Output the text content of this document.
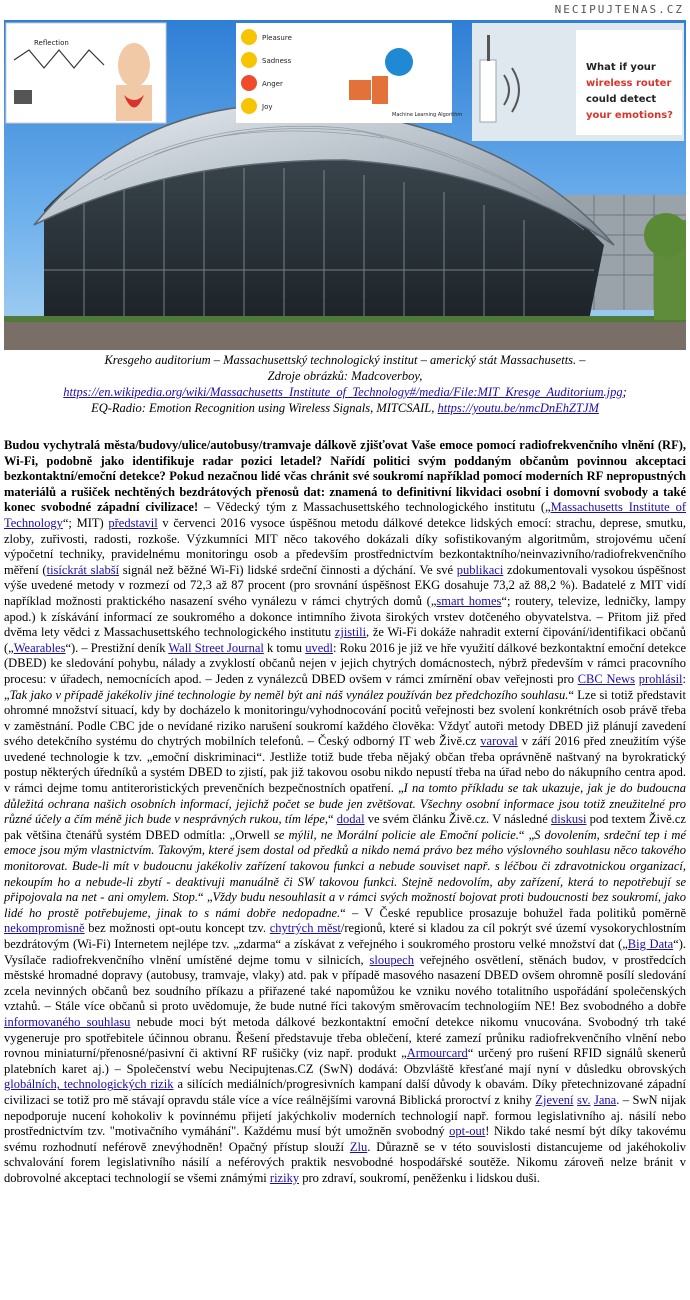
NECIPUJTENAS.CZ
Reflection
Pleasure
Sadness
Anger
Joy
Machine Learning Algorithm
What if your
wireless router
could detect
your emotions?
Kresgeho auditorium – Massachusettský technologický institut – americký stát Massachusetts. –
Zdroje obrázků: Madcoverboy,
https://en.wikipedia.org/wiki/Massachusetts_Institute_of_Technology#/media/File:MIT_Kresge_Auditorium.jpg;
EQ-Radio: Emotion Recognition using Wireless Signals, MITCSAIL, https://youtu.be/nmcDnEhZTJM
Budou vychytralá města/budovy/ulice/autobusy/tramvaje dálkově zjišťovat Vaše emoce pomocí radiofrekvenčního vlnění (RF), Wi-Fi, podobně jako identifikuje radar pozici letadel? Nařídí politici svým poddaným občanům povinnou akceptaci bezkontaktní/emoční detekce? Pokud nezačnou lidé včas chránit své soukromí například pomocí moderních RF nepropustných materiálů a rušiček nechtěných bezdrátových přenosů dat: znamená to definitivní likvidaci osobní i domovní svobody a také konec svobodné západní civilizace! – Vědecký tým z Massachusettského technologického institutu („Massachusetts Institute of Technology“; MIT) představil v červenci 2016 vysoce úspěšnou metodu dálkové detekce lidských emocí: strachu, deprese, smutku, zloby, zuřivosti, radosti, rozkoše. Výzkumníci MIT něco takového dokázali díky sofistikovaným algoritmům, strojovému učení výpočetní techniky, pravidelnému monitoringu osob a především prostřednictvím bezkontaktního/neinvazivního/radiofrekvenčního měření (tisíckrát slabší signál než běžné Wi-Fi) lidské srdeční činnosti a dýchání. Ve své publikaci zdokumentovali vysokou úspěšnost výše uvedené metody v rozmezí od 72,3 až 87 procent (pro srovnání úspěšnost EKG dosahuje 73,2 až 88,2 %). Badatelé z MIT vidí například možnosti praktického nasazení svého vynálezu v rámci chytrých domů („smart homes“; routery, televize, ledničky, lampy apod.) k získávání informací ze soukromého a dokonce intimního života širokých vrstev dotčeného obyvatelstva. – Přitom již před dvěma lety vědci z Massachusettského technologického institutu zjistili, že Wi-Fi dokáže nahradit externí čipování/identifikaci občanů („Wearables“). – Prestižní deník Wall Street Journal k tomu uvedl: Roku 2016 je již ve hře využití dálkové bezkontaktní emoční detekce (DBED) ke sledování pohybu, nálady a zvyklostí občanů nejen v jejich chytrých domácnostech, nýbrž především v rámci pracovního procesu: v úřadech, nemocnících apod. – Jeden z vynálezců DBED ovšem v rámci zmírnění obav veřejnosti pro CBC News prohlásil: „Tak jako v případě jakékoliv jiné technologie by neměl být ani náš vynález používán bez předchozího souhlasu.“ Lze si totiž představit ohromné množství situací, kdy by docházelo k monitoringu/vyhodnocování pocitů veřejnosti bez svolení konkrétních osob právě třeba v zaměstnání. Podle CBC jde o nevídané riziko narušení soukromí každého člověka: Vždyť autoři metody DBED již plánují zavedení svého detekčního systému do chytrých mobilních telefonů. – Český odborný IT web Živě.cz varoval v září 2016 před zneužitím výše uvedené technologie k tzv. „emoční diskriminaci“. Jestliže totiž bude třeba nějaký občan třeba oprávněně naštvaný na byrokratický postup některých úředníků a systém DBED to zjistí, pak již takovou osobu nikdo nepustí třeba na úřad nebo do nákupního centra apod. v rámci dejme tomu antiteroristických prevenčních bezpečnostních opatření. „I na tomto příkladu se tak ukazuje, jak je do budoucna důležitá ochrana našich osobních informací, jejichž počet se bude jen zvětšovat. Všechny osobní informace jsou totiž zneužitelné pro různé účely a čím méně jich bude v nesprávných rukou, tím lépe,“ dodal ve svém článku Živě.cz. V následné diskusi pod textem Živě.cz pak většina čtenářů systém DBED odmítla: „Orwell se mýlil, ne Morální policie ale Emoční policie.“ „S dovolením, srdeční tep i mé emoce jsou mým vlastnictvím. Takovým, které jsem dostal od předků a nikdo nemá právo bez mého výslovného souhlasu něco takového monitorovat. Bude-li mít v budoucnu jakékoliv zařízení takovou funkci a nebude souviset např. s léčbou či zdravotnickou organizací, nekoupím ho a nebude-li zbytí - deaktivuji manuálně či SW takovou funkci. Stejně nedovolím, aby zařízení, která to nepotřebují se připojovala na net - ani omylem. Stop.“ „Vždy budu nesouhlasit a v rámci svých možností bojovat proti budoucnosti bez soukromí, jako lidé ho prostě potřebujeme, jinak to s námi dobře nedopadne.“ – V České republice prosazuje bohužel řada politiků poměrně nekompromisně bez možnosti opt-outu koncept tzv. chytrých měst/regionů, které si kladou za cíl pokrýt své území vysokorychlostním bezdrátovým (Wi-Fi) Internetem nejlépe tzv. „zdarma“ a získávat z veřejného i soukromého prostoru velké množství dat („Big Data“). Vysílače radiofrekvenčního vlnění umístěné dejme tomu v silnicích, sloupech veřejného osvětlení, stěnách budov, v prostředcích městské hromadné dopravy (autobusy, tramvaje, vlaky) atd. pak v případě masového nasazení DBED ovšem ohromně posílí sledování zcela nevinných občanů bez soudního příkazu a přiřazené také napomůžou ke vzniku nového totalitního uspořádání společenských vztahů. – Stále více občanů si proto uvědomuje, že bude nutné říci takovým směrovacím technologiím NE! Bez svobodného a dobře informovaného souhlasu nebude moci být metoda dálkové bezkontaktní emoční detekce nikomu vnucována. Svobodný trh také vygeneruje pro spotřebitele účinnou obranu. Řešení představuje třeba oblečení, které zamezí průniku radiofrekvenčního vlnění nebo rovnou miniaturní/přenosné/pasivní či aktivní RF rušičky (viz např. produkt „Armourcard“ určený pro rušení RFID signálů skenerů platebních karet aj.) – Společenství webu Necipujtenas.CZ (SwN) dodává: Obzvláště křesťané mají nyní v důsledku obrovských globálních, technologických rizik a silících mediálních/progresivních kampaní další důvody k obavám. Díky přetechnizované západní civilizaci se totiž pro mě stávají opravdu stále více a více reálnějšími varovná Biblická proroctví z knihy Zjevení sv. Jana. – SwN nijak nepodporuje nucení kohokoliv k povinnému přijetí jakýchkoliv moderních technologií např. formou legislativního aj. násilí nebo prostřednictvím tzv. "motivačního vymáhání". Každému musí být umožněn svobodný opt-out! Nikdo také nesmí být díky takovému svému rozhodnutí neférově znevýhodněn! Opačný přístup slouží Zlu. Důrazně se v této souvislosti distancujeme od jakéhokoliv schvalování forem legislativního násilí a neférových praktik nesvobodné hospodářské soutěže. Nikomu zároveň nelze bránit v dobrovolné akceptaci technologií se všemi známými riziky pro zdraví, soukromí, peněženku i lidskou duši.
